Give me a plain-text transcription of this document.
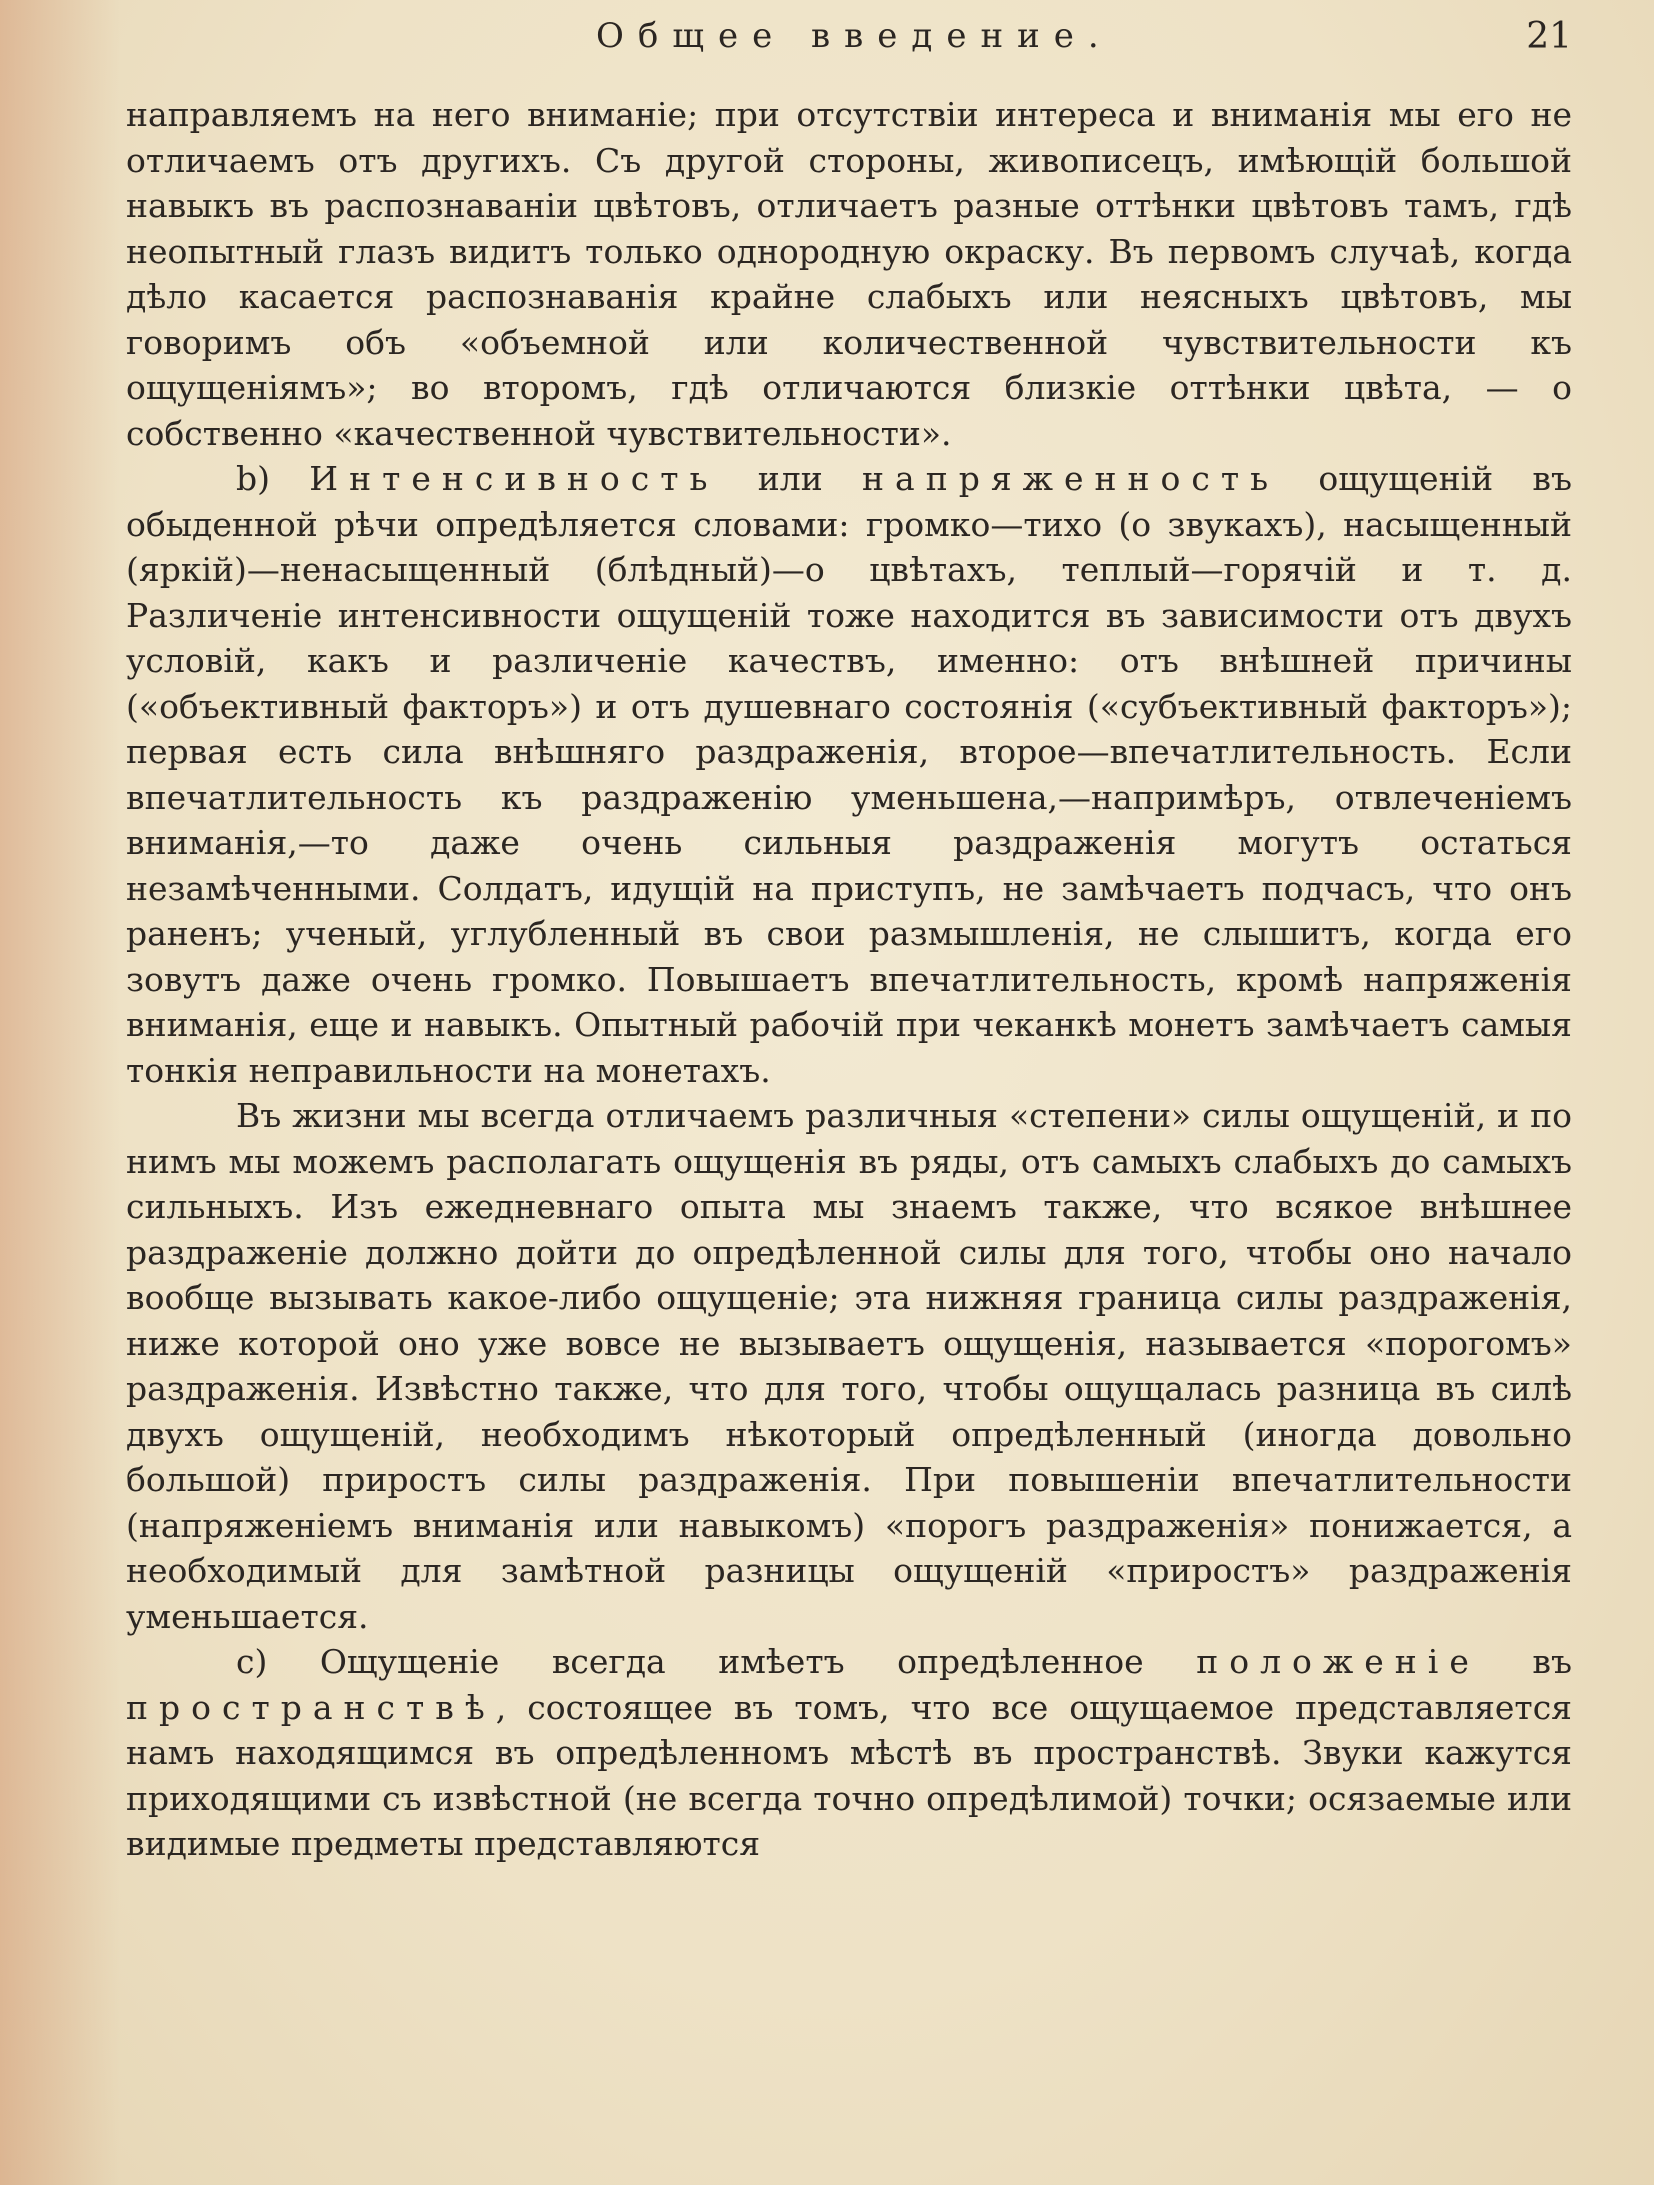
Общее введение.	21

направляемъ на него вниманіе; при отсутствіи интереса и вниманія мы его не отличаемъ отъ другихъ. Съ другой стороны, живописецъ, имѣющій большой навыкъ въ распознаваніи цвѣтовъ, отличаетъ разные оттѣнки цвѣтовъ тамъ, гдѣ неопытный глазъ видитъ только однородную окраску. Въ первомъ случаѣ, когда дѣло касается распознаванія крайне слабыхъ или неясныхъ цвѣтовъ, мы говоримъ объ «объемной или количественной чувствительности къ ощущеніямъ»; во второмъ, гдѣ отличаются близкіе оттѣнки цвѣта, — о собственно «качественной чувствительности».

b) Интенсивность или напряженность ощущеній въ обыденной рѣчи опредѣляется словами: громко—тихо (о звукахъ), насыщенный (яркій)—ненасыщенный (блѣдный)—о цвѣтахъ, теплый—горячій и т. д. Различеніе интенсивности ощущеній тоже находится въ зависимости отъ двухъ условій, какъ и различеніе качествъ, именно: отъ внѣшней причины («объективный факторъ») и отъ душевнаго состоянія («субъективный факторъ»); первая есть сила внѣшняго раздраженія, второе—впечатлительность. Если впечатлительность къ раздраженію уменьшена,—напримѣръ, отвлеченіемъ вниманія,—то даже очень сильныя раздраженія могутъ остаться незамѣченными. Солдатъ, идущій на приступъ, не замѣчаетъ подчасъ, что онъ раненъ; ученый, углубленный въ свои размышленія, не слышитъ, когда его зовутъ даже очень громко. Повышаетъ впечатлительность, кромѣ напряженія вниманія, еще и навыкъ. Опытный рабочій при чеканкѣ монетъ замѣчаетъ самыя тонкія неправильности на монетахъ.

Въ жизни мы всегда отличаемъ различныя «степени» силы ощущеній, и по нимъ мы можемъ располагать ощущенія въ ряды, отъ самыхъ слабыхъ до самыхъ сильныхъ. Изъ ежедневнаго опыта мы знаемъ также, что всякое внѣшнее раздраженіе должно дойти до опредѣленной силы для того, чтобы оно начало вообще вызывать какое-либо ощущеніе; эта нижняя граница силы раздраженія, ниже которой оно уже вовсе не вызываетъ ощущенія, называется «порогомъ» раздраженія. Извѣстно также, что для того, чтобы ощущалась разница въ силѣ двухъ ощущеній, необходимъ нѣкоторый опредѣленный (иногда довольно большой) приростъ силы раздраженія. При повышеніи впечатлительности (напряженіемъ вниманія или навыкомъ) «порогъ раздраженія» понижается, а необходимый для замѣтной разницы ощущеній «приростъ» раздраженія уменьшается.

c) Ощущеніе всегда имѣетъ опредѣленное положеніе въ пространствѣ, состоящее въ томъ, что все ощущаемое представляется намъ находящимся въ опредѣленномъ мѣстѣ въ пространствѣ. Звуки кажутся приходящими съ извѣстной (не всегда точно опредѣлимой) точки; осязаемые или видимые предметы представляются
